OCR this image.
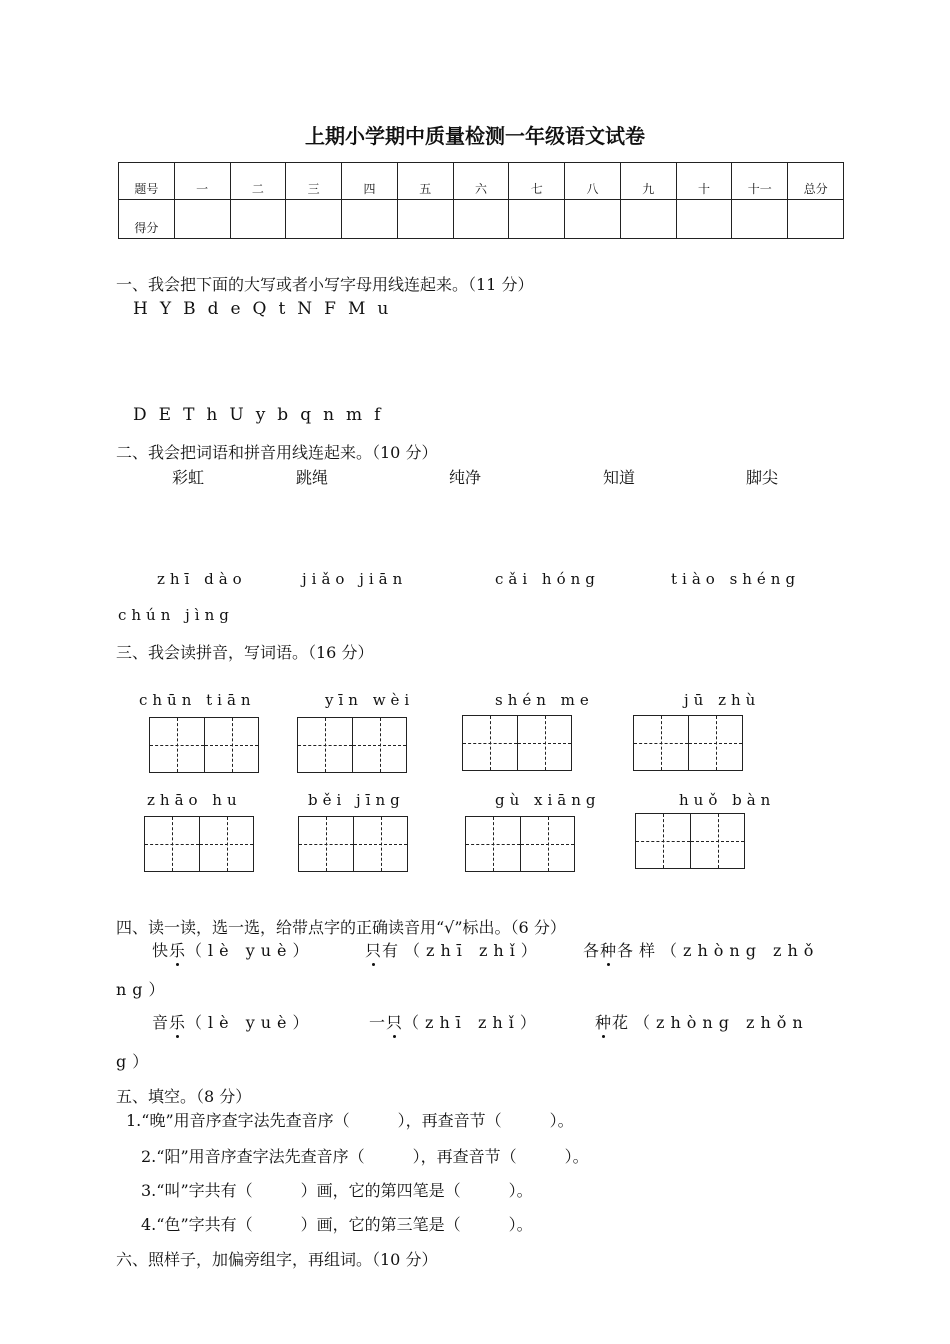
上期小学期中质量检测一年级语文试卷
题号	一	二	三	四	五	六	七	八	九	十	十一	总分
得分												
一、我会把下面的大写或者小写字母用线连起来。（11 分）
H Y B d e Q t N F M u
D E T h U y b q n m f
二、我会把词语和拼音用线连起来。（10 分）
彩虹	跳绳	纯净	知道	脚尖
zhī dào	jiǎo jiān	cǎi hóng	tiào shéng
chún jìng
三、我会读拼音，写词语。（16 分）
chūn tiān	yīn wèi	shén me	jū zhù
zhāo hu	běi jīng	gù xiāng	huǒ bàn
四、读一读，选一选，给带点字的正确读音用“√”标出。（6 分）
快乐（lè yuè）	只有（zhī zhǐ）	各种各样（zhòng zhǒ
ng）
音乐（lè yuè）	一只（zhī zhǐ）	种花（zhòng zhǒn
g）
五、填空。（8 分）
1.“晚”用音序查字法先查音序（　　　），再查音节（　　　）。
2.“阳”用音序查字法先查音序（　　　），再查音节（　　　）。
3.“叫”字共有（　　　）画，它的第四笔是（　　　）。
4.“色”字共有（　　　）画，它的第三笔是（　　　）。
六、照样子，加偏旁组字，再组词。（10 分）
